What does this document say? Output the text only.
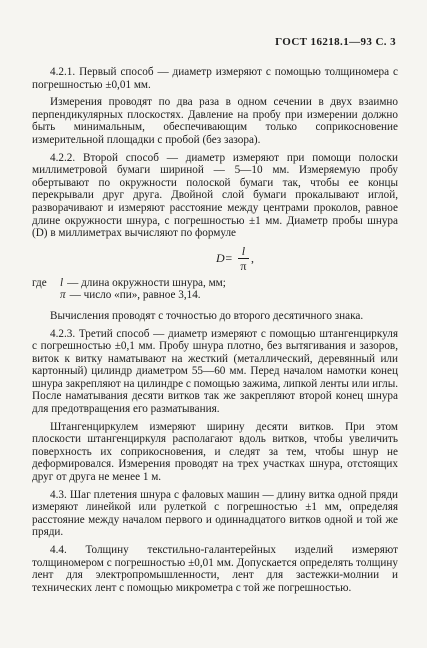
ГОСТ 16218.1—93 С. 3

4.2.1. Первый способ — диаметр измеряют с помощью толщиномера с погрешностью ±0,01 мм.

Измерения проводят по два раза в одном сечении в двух взаимно перпендикулярных плоскостях. Давление на пробу при измерении должно быть минимальным, обеспечивающим только соприкосновение измерительной площадки с пробой (без зазора).

4.2.2. Второй способ — диаметр измеряют при помощи полоски миллиметровой бумаги шириной — 5—10 мм. Измеряемую пробу обертывают по окружности полоской бумаги так, чтобы ее концы перекрывали друг друга. Двойной слой бумаги прокалывают иглой, разворачивают и измеряют расстояние между центрами проколов, равное длине окружности шнура, с погрешностью ±1 мм. Диаметр пробы шнура (D) в миллиметрах вычисляют по формуле

$D= \frac{l}{\pi}$ ,
где	l — длина окружности шнура, мм;
π — число «пи», равное 3,14.

Вычисления проводят с точностью до второго десятичного знака.

4.2.3. Третий способ — диаметр измеряют с помощью штангенциркуля с погрешностью ±0,1 мм. Пробу шнура плотно, без вытягивания и зазоров, виток к витку наматывают на жесткий (металлический, деревянный или картонный) цилиндр диаметром 55—60 мм. Перед началом намотки конец шнура закрепляют на цилиндре с помощью зажима, липкой ленты или иглы. После наматывания десяти витков так же закрепляют второй конец шнура для предотвращения его разматывания.

Штангенциркулем измеряют ширину десяти витков. При этом плоскости штангенциркуля располагают вдоль витков, чтобы увеличить поверхность их соприкосновения, и следят за тем, чтобы шнур не деформировался. Измерения проводят на трех участках шнура, отстоящих друг от друга не менее 1 м.

4.3. Шаг плетения шнура с фаловых машин — длину витка одной пряди измеряют линейкой или рулеткой с погрешностью ±1 мм, определяя расстояние между началом первого и одиннадцатого витков одной и той же пряди.

4.4. Толщину текстильно-галантерейных изделий измеряют толщиномером с погрешностью ±0,01 мм. Допускается определять толщину лент для электропромышленности, лент для застежки-молнии и технических лент с помощью микрометра с той же погрешностью.
